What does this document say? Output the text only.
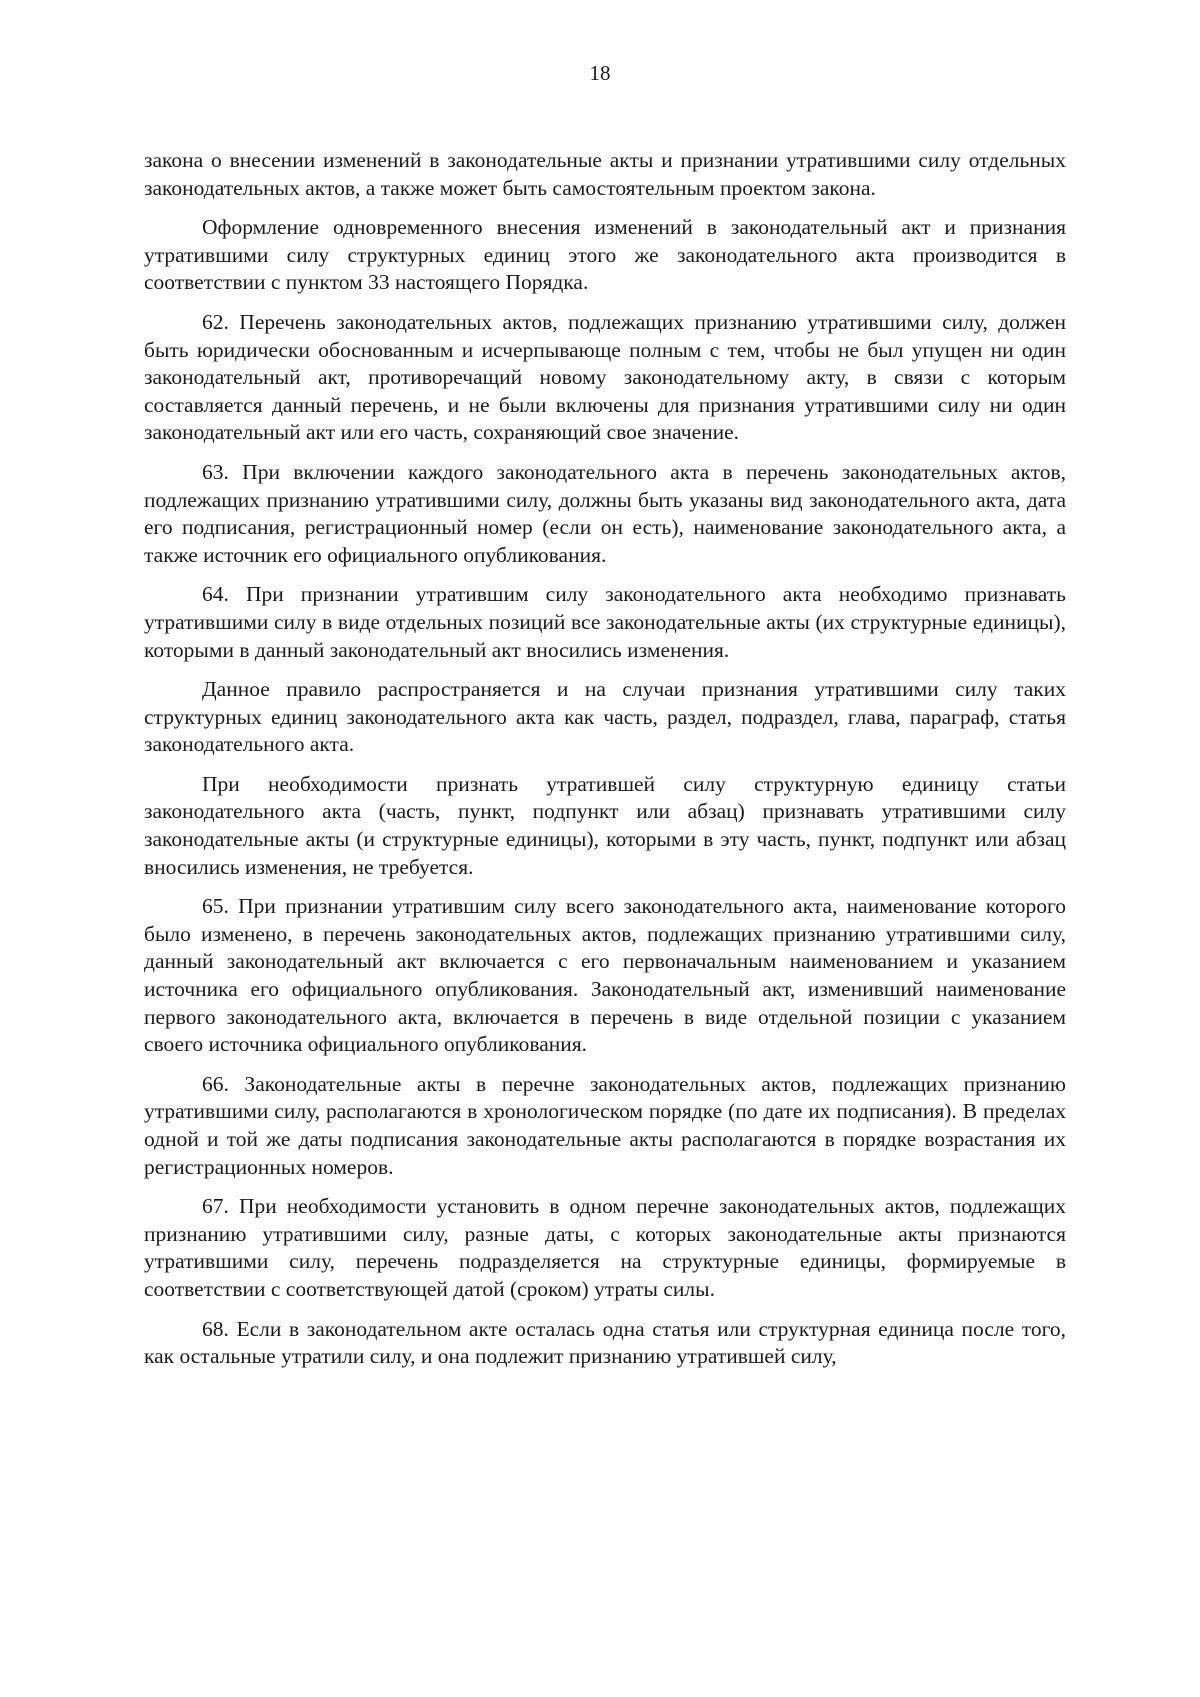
18

закона о внесении изменений в законодательные акты и признании утратившими силу отдельных законодательных актов, а также может быть самостоятельным проектом закона.

Оформление одновременного внесения изменений в законодательный акт и признания утратившими силу структурных единиц этого же законодательного акта производится в соответствии с пунктом 33 настоящего Порядка.

62. Перечень законодательных актов, подлежащих признанию утратившими силу, должен быть юридически обоснованным и исчерпывающе полным с тем, чтобы не был упущен ни один законодательный акт, противоречащий новому законодательному акту, в связи с которым составляется данный перечень, и не были включены для признания утратившими силу ни один законодательный акт или его часть, сохраняющий свое значение.

63. При включении каждого законодательного акта в перечень законодательных актов, подлежащих признанию утратившими силу, должны быть указаны вид законодательного акта, дата его подписания, регистрационный номер (если он есть), наименование законодательного акта, а также источник его официального опубликования.

64. При признании утратившим силу законодательного акта необходимо признавать утратившими силу в виде отдельных позиций все законодательные акты (их структурные единицы), которыми в данный законодательный акт вносились изменения.

Данное правило распространяется и на случаи признания утратившими силу таких структурных единиц законодательного акта как часть, раздел, подраздел, глава, параграф, статья законодательного акта.

При необходимости признать утратившей силу структурную единицу статьи законодательного акта (часть, пункт, подпункт или абзац) признавать утратившими силу законодательные акты (и структурные единицы), которыми в эту часть, пункт, подпункт или абзац вносились изменения, не требуется.

65. При признании утратившим силу всего законодательного акта, наименование которого было изменено, в перечень законодательных актов, подлежащих признанию утратившими силу, данный законодательный акт включается с его первоначальным наименованием и указанием источника его официального опубликования. Законодательный акт, изменивший наименование первого законодательного акта, включается в перечень в виде отдельной позиции с указанием своего источника официального опубликования.

66. Законодательные акты в перечне законодательных актов, подлежащих признанию утратившими силу, располагаются в хронологическом порядке (по дате их подписания). В пределах одной и той же даты подписания законодательные акты располагаются в порядке возрастания их регистрационных номеров.

67. При необходимости установить в одном перечне законодательных актов, подлежащих признанию утратившими силу, разные даты, с которых законодательные акты признаются утратившими силу, перечень подразделяется на структурные единицы, формируемые в соответствии с соответствующей датой (сроком) утраты силы.

68. Если в законодательном акте осталась одна статья или структурная единица после того, как остальные утратили силу, и она подлежит признанию утратившей силу,
